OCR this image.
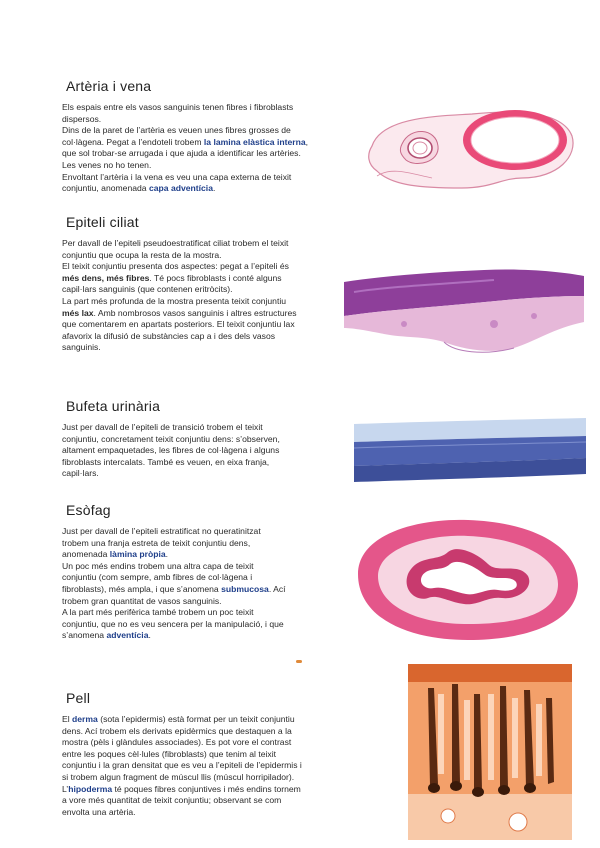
Artèria i vena

Els espais entre els vasos sanguinis tenen fibres i fibroblasts

dispersos.

Dins de la paret de l’artèria es veuen unes fibres grosses de

col·làgena. Pegat a l’endoteli trobem la lamina elàstica interna,

que sol trobar-se arrugada i que ajuda a identificar les artèries.

Les venes no ho tenen.

Envoltant l’artèria i la vena es veu una capa externa de teixit

conjuntiu, anomenada capa adventícia.

Epiteli ciliat

Per davall de l’epiteli pseudoestratificat ciliat trobem el teixit

conjuntiu que ocupa la resta de la mostra.

El teixit conjuntiu presenta dos aspectes: pegat a l’epiteli és

més dens, més fibres. Té pocs fibroblasts i conté alguns

capil·lars sanguinis (que contenen eritròcits).

La part més profunda de la mostra presenta teixit conjuntiu

més lax. Amb nombrosos vasos sanguinis i altres estructures

que comentarem en apartats posteriors. El teixit conjuntiu lax

afavorix la difusió de substàncies cap a i des dels vasos

sanguinis.

Bufeta urinària

Just per davall de l’epiteli de transició trobem el teixit

conjuntiu, concretament teixit conjuntiu dens: s’observen,

altament empaquetades, les fibres de col·làgena i alguns

fibroblasts intercalats. També es veuen, en eixa franja,

capil·lars.

Esòfag

Just per davall de l’epiteli estratificat no queratinitzat

trobem una franja estreta de teixit conjuntiu dens,

anomenada làmina pròpia.

Un poc més endins trobem una altra capa de teixit

conjuntiu (com sempre, amb fibres de col·làgena i

fibroblasts), més ampla, i que s’anomena submucosa. Ací

trobem gran quantitat de vasos sanguinis.

A la part més perifèrica també trobem un poc teixit

conjuntiu, que no es veu sencera per la manipulació, i que

s’anomena adventícia.

Pell

El derma (sota l’epidermis) està format per un teixit conjuntiu

dens. Ací trobem els derivats epidèrmics que destaquen a la

mostra (pèls i glàndules associades). Es pot vore el contrast

entre les poques cèl·lules (fibroblasts) que tenim al teixit

conjuntiu i la gran densitat que es veu a l’epiteli de l’epidermis i

si trobem algun fragment de múscul llis (múscul horripilador).

L’hipoderma té poques fibres conjuntives i més endins tornem

a vore més quantitat de teixit conjuntiu; observant se com

envolta una artèria.
